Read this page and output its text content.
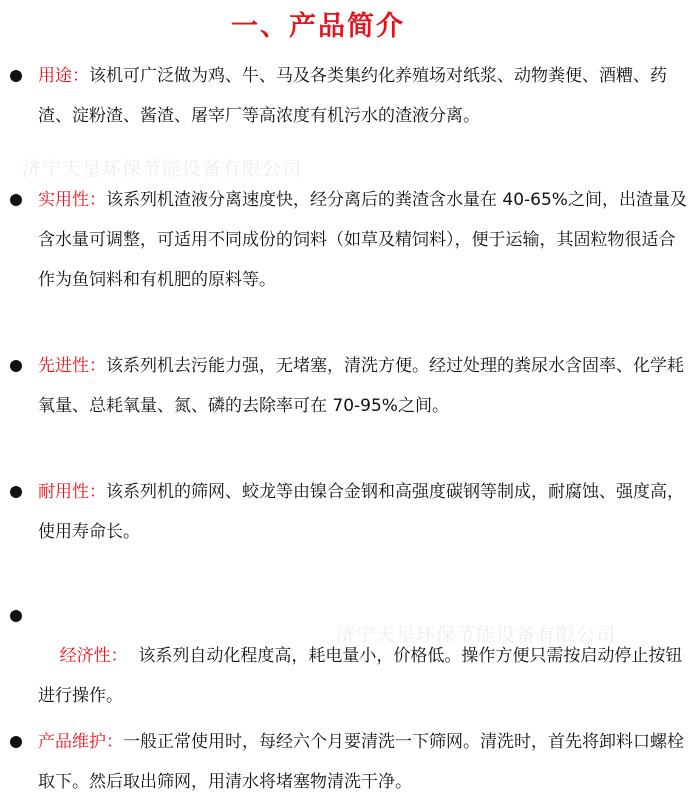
一、产品简介
济宁天呈环保节能设备有限公司
济宁天呈环保节能设备有限公司
用途：该机可广泛做为鸡、牛、马及各类集约化养殖场对纸浆、动物粪便、酒糟、药渣、淀粉渣、酱渣、屠宰厂等高浓度有机污水的渣液分离。
实用性：该系列机渣液分离速度快，经分离后的粪渣含水量在 40-65%之间，出渣量及含水量可调整，可适用不同成份的饲料（如草及精饲料），便于运输，其固粒物很适合作为鱼饲料和有机肥的原料等。
先进性：该系列机去污能力强，无堵塞，清洗方便。经过处理的粪尿水含固率、化学耗氧量、总耗氧量、氮、磷的去除率可在 70-95%之间。
耐用性：该系列机的筛网、蛟龙等由镍合金钢和高强度碳钢等制成，耐腐蚀、强度高，使用寿命长。

经济性：  该系列自动化程度高，耗电量小，价格低。操作方便只需按启动停止按钮进行操作。

产品维护：一般正常使用时，每经六个月要清洗一下筛网。清洗时，首先将卸料口螺栓取下。然后取出筛网，用清水将堵塞物清洗干净。
